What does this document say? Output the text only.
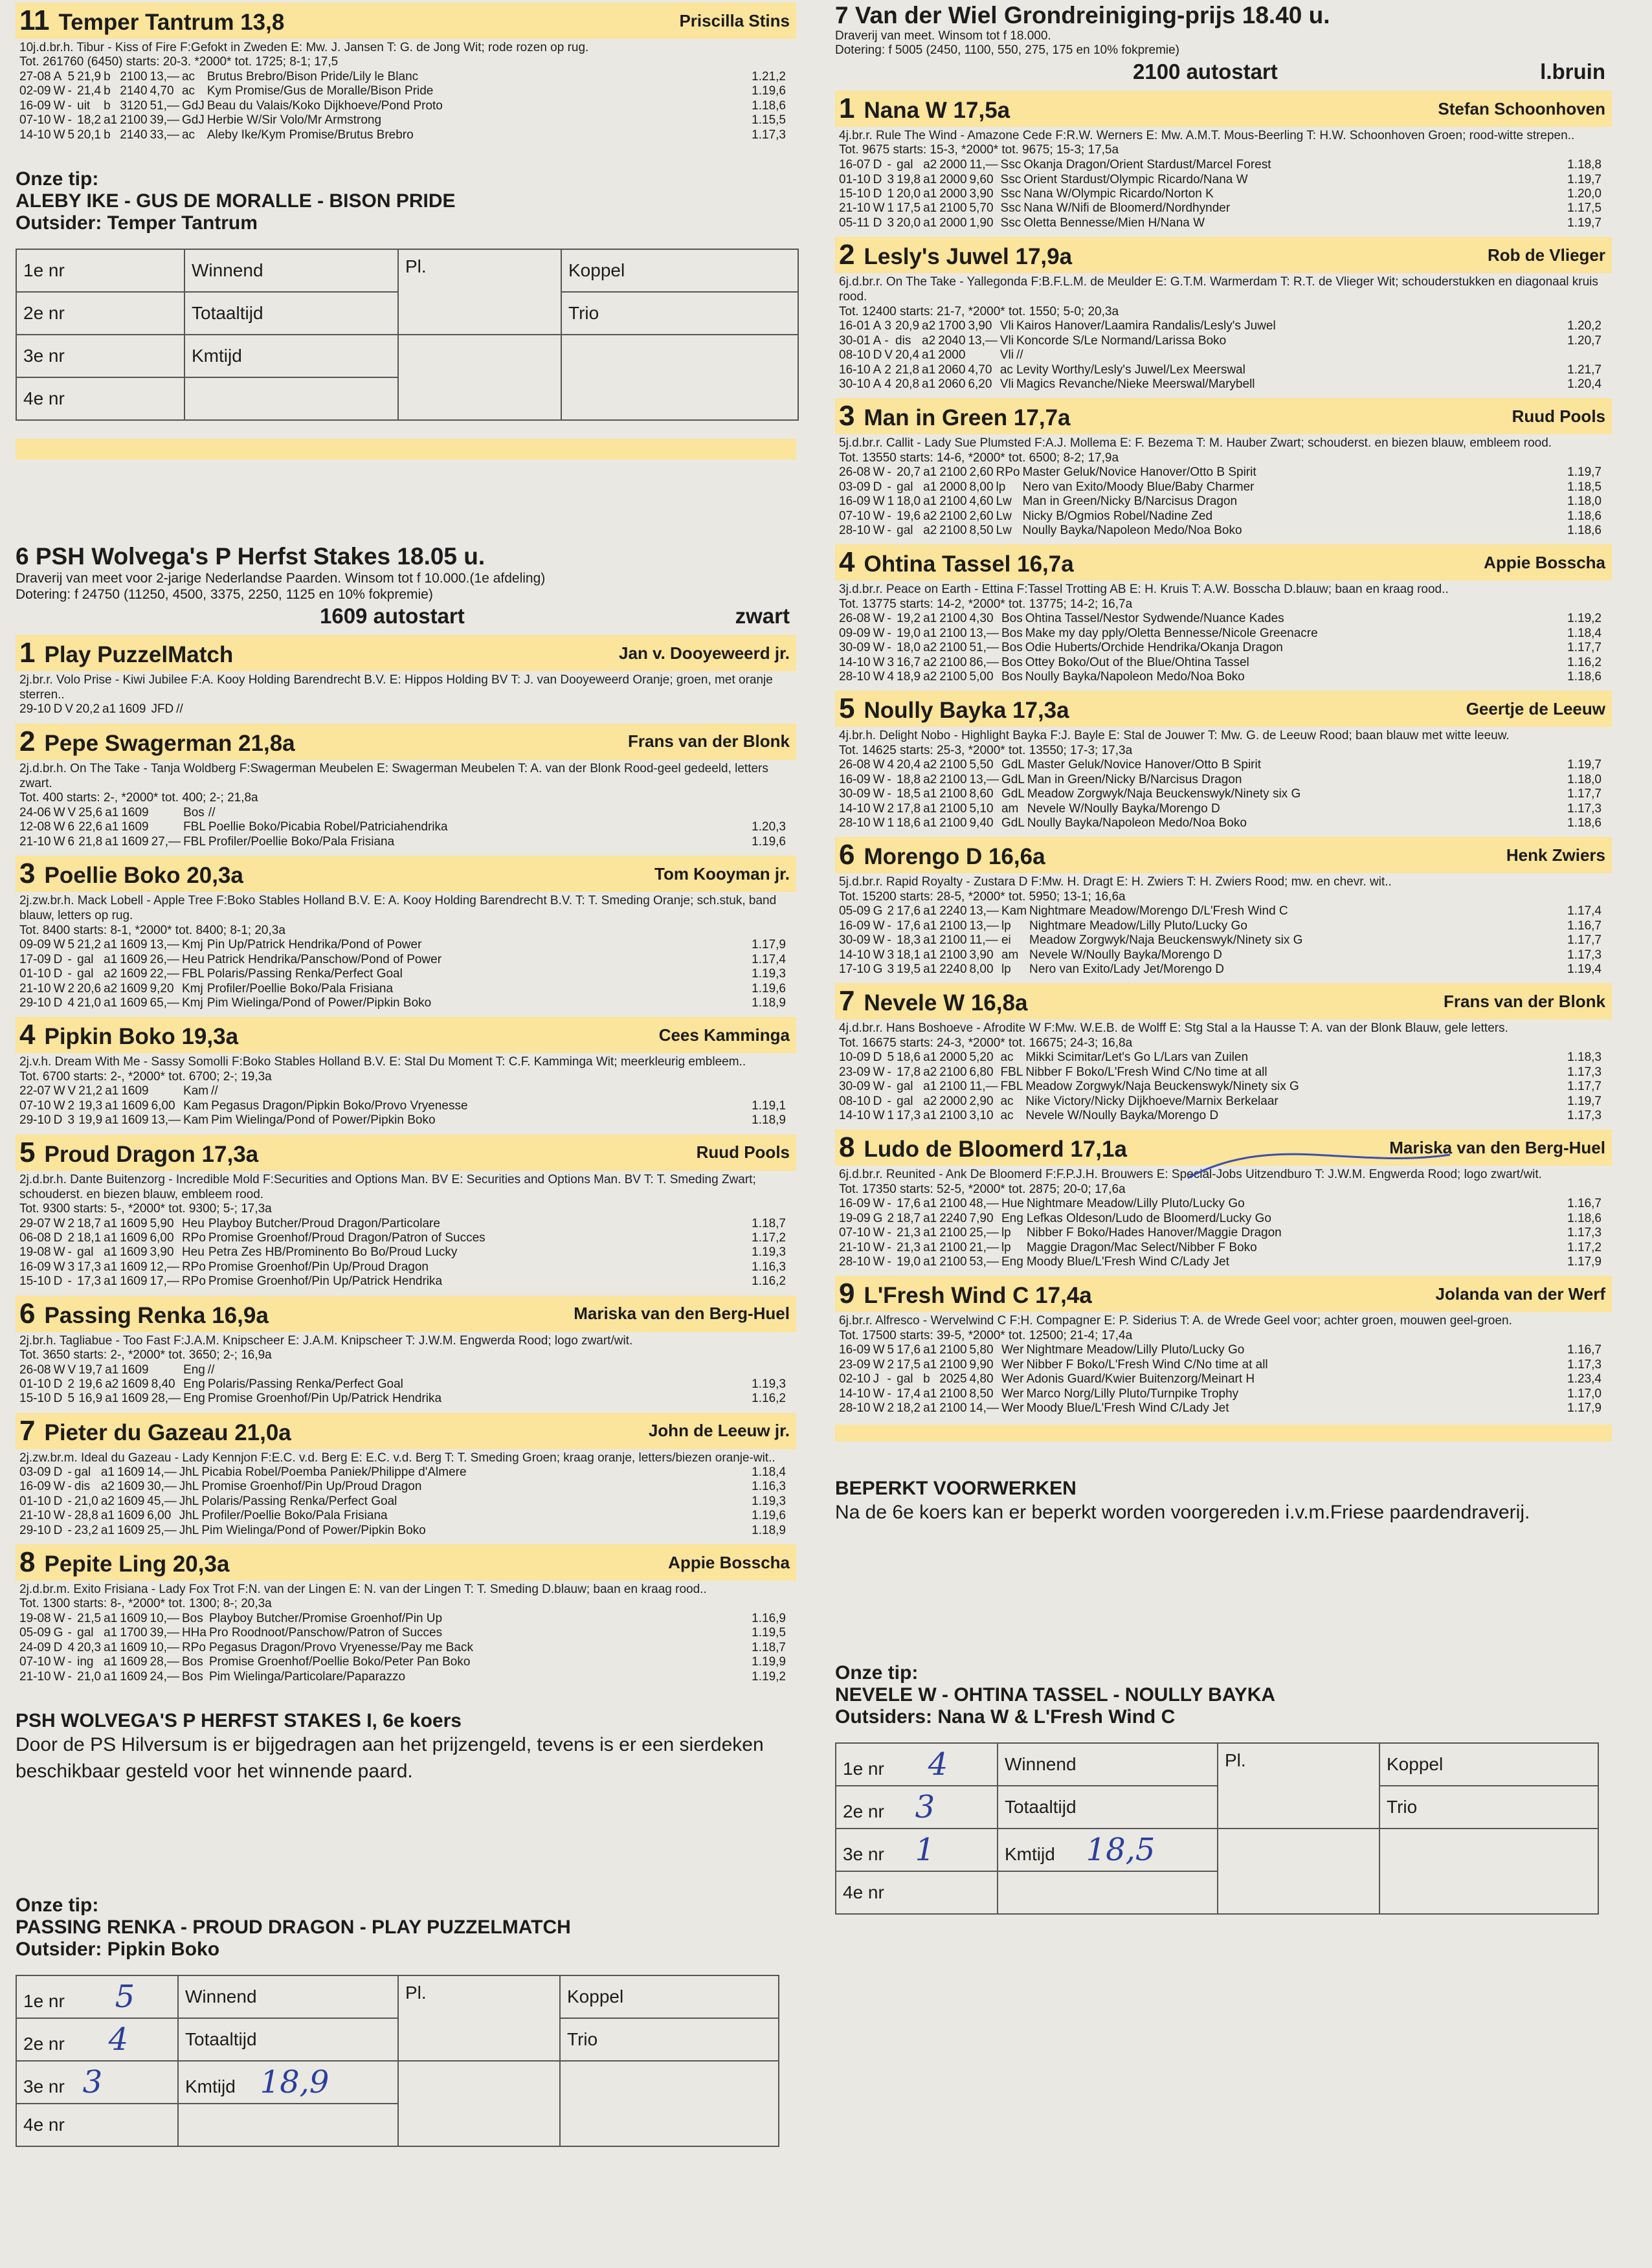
11 Temper Tantrum 13,8	Priscilla Stins
10j.d.br.h. Tibur - Kiss of Fire F:Gefokt in Zweden E: Mw. J. Jansen T: G. de Jong Wit; rode rozen op rug.
Tot. 261760 (6450) starts: 20-3. *2000* tot. 1725; 8-1; 17,5
27-08	A	5	21,9	b	2100	13,—	ac	Brutus Brebro/Bison Pride/Lily le Blanc	1.21,2
02-09	W	-	21,4	b	2140	4,70	ac	Kym Promise/Gus de Moralle/Bison Pride	1.19,6
16-09	W	-	uit	b	3120	51,—	GdJ	Beau du Valais/Koko Dijkhoeve/Pond Proto	1.18,6
07-10	W	-	18,2	a1	2100	39,—	GdJ	Herbie W/Sir Volo/Mr Armstrong	1.15,5
14-10	W	5	20,1	b	2140	33,—	ac	Aleby Ike/Kym Promise/Brutus Brebro	1.17,3
Onze tip:
ALEBY IKE - GUS DE MORALLE - BISON PRIDE
Outsider: Temper Tantrum
1e nr	Winnend	Pl.	Koppel
2e nr	Totaaltijd		Trio
3e nr	Kmtijd		
4e nr			
6 PSH Wolvega's P Herfst Stakes 18.05 u.
Draverij van meet voor 2-jarige Nederlandse Paarden. Winsom tot f 10.000.(1e afdeling)
Dotering: f 24750 (11250, 4500, 3375, 2250, 1125 en 10% fokpremie)
1609 autostart	zwart
1 Play PuzzelMatch	Jan v. Dooyeweerd jr.
2j.br.r. Volo Prise - Kiwi Jubilee F:A. Kooy Holding Barendrecht B.V. E: Hippos Holding BV T: J. van Dooyeweerd Oranje; groen, met oranje sterren..
29-10	D	V	20,2	a1	1609		JFD	//	
2 Pepe Swagerman 21,8a	Frans van der Blonk
2j.d.br.h. On The Take - Tanja Woldberg F:Swagerman Meubelen E: Swagerman Meubelen T: A. van der Blonk Rood-geel gedeeld, letters zwart.
Tot. 400 starts: 2-, *2000* tot. 400; 2-; 21,8a
24-06	W	V	25,6	a1	1609		Bos	//	
12-08	W	6	22,6	a1	1609		FBL	Poellie Boko/Picabia Robel/Patriciahendrika	1.20,3
21-10	W	6	21,8	a1	1609	27,—	FBL	Profiler/Poellie Boko/Pala Frisiana	1.19,6
3 Poellie Boko 20,3a	Tom Kooyman jr.
2j.zw.br.h. Mack Lobell - Apple Tree F:Boko Stables Holland B.V. E: A. Kooy Holding Barendrecht B.V. T: T. Smeding Oranje; sch.stuk, band blauw, letters op rug.
Tot. 8400 starts: 8-1, *2000* tot. 8400; 8-1; 20,3a
09-09	W	5	21,2	a1	1609	13,—	Kmj	Pin Up/Patrick Hendrika/Pond of Power	1.17,9
17-09	D	-	gal	a1	1609	26,—	Heu	Patrick Hendrika/Panschow/Pond of Power	1.17,4
01-10	D	-	gal	a2	1609	22,—	FBL	Polaris/Passing Renka/Perfect Goal	1.19,3
21-10	W	2	20,6	a2	1609	9,20	Kmj	Profiler/Poellie Boko/Pala Frisiana	1.19,6
29-10	D	4	21,0	a1	1609	65,—	Kmj	Pim Wielinga/Pond of Power/Pipkin Boko	1.18,9
4 Pipkin Boko 19,3a	Cees Kamminga
2j.v.h. Dream With Me - Sassy Somolli F:Boko Stables Holland B.V. E: Stal Du Moment T: C.F. Kamminga Wit; meerkleurig embleem..
Tot. 6700 starts: 2-, *2000* tot. 6700; 2-; 19,3a
22-07	W	V	21,2	a1	1609		Kam	//	
07-10	W	2	19,3	a1	1609	6,00	Kam	Pegasus Dragon/Pipkin Boko/Provo Vryenesse	1.19,1
29-10	D	3	19,9	a1	1609	13,—	Kam	Pim Wielinga/Pond of Power/Pipkin Boko	1.18,9
5 Proud Dragon 17,3a	Ruud Pools
2j.d.br.h. Dante Buitenzorg - Incredible Mold F:Securities and Options Man. BV E: Securities and Options Man. BV T: T. Smeding Zwart; schouderst. en biezen blauw, embleem rood.
Tot. 9300 starts: 5-, *2000* tot. 9300; 5-; 17,3a
29-07	W	2	18,7	a1	1609	5,90	Heu	Playboy Butcher/Proud Dragon/Particolare	1.18,7
06-08	D	2	18,1	a1	1609	6,00	RPo	Promise Groenhof/Proud Dragon/Patron of Succes	1.17,2
19-08	W	-	gal	a1	1609	3,90	Heu	Petra Zes HB/Prominento Bo Bo/Proud Lucky	1.19,3
16-09	W	3	17,3	a1	1609	12,—	RPo	Promise Groenhof/Pin Up/Proud Dragon	1.16,3
15-10	D	-	17,3	a1	1609	17,—	RPo	Promise Groenhof/Pin Up/Patrick Hendrika	1.16,2
6 Passing Renka 16,9a	Mariska van den Berg-Huel
2j.br.h. Tagliabue - Too Fast F:J.A.M. Knipscheer E: J.A.M. Knipscheer T: J.W.M. Engwerda Rood; logo zwart/wit.
Tot. 3650 starts: 2-, *2000* tot. 3650; 2-; 16,9a
26-08	W	V	19,7	a1	1609		Eng	//	
01-10	D	2	19,6	a2	1609	8,40	Eng	Polaris/Passing Renka/Perfect Goal	1.19,3
15-10	D	5	16,9	a1	1609	28,—	Eng	Promise Groenhof/Pin Up/Patrick Hendrika	1.16,2
7 Pieter du Gazeau 21,0a	John de Leeuw jr.
2j.zw.br.m. Ideal du Gazeau - Lady Kennjon F:E.C. v.d. Berg E: E.C. v.d. Berg T: T. Smeding Groen; kraag oranje, letters/biezen oranje-wit..
03-09	D	-	gal	a1	1609	14,—	JhL	Picabia Robel/Poemba Paniek/Philippe d'Almere	1.18,4
16-09	W	-	dis	a2	1609	30,—	JhL	Promise Groenhof/Pin Up/Proud Dragon	1.16,3
01-10	D	-	21,0	a2	1609	45,—	JhL	Polaris/Passing Renka/Perfect Goal	1.19,3
21-10	W	-	28,8	a1	1609	6,00	JhL	Profiler/Poellie Boko/Pala Frisiana	1.19,6
29-10	D	-	23,2	a1	1609	25,—	JhL	Pim Wielinga/Pond of Power/Pipkin Boko	1.18,9
8 Pepite Ling 20,3a	Appie Bosscha
2j.d.br.m. Exito Frisiana - Lady Fox Trot F:N. van der Lingen E: N. van der Lingen T: T. Smeding D.blauw; baan en kraag rood..
Tot. 1300 starts: 8-, *2000* tot. 1300; 8-; 20,3a
19-08	W	-	21,5	a1	1609	10,—	Bos	Playboy Butcher/Promise Groenhof/Pin Up	1.16,9
05-09	G	-	gal	a1	1700	39,—	HHa	Pro Roodnoot/Panschow/Patron of Succes	1.19,5
24-09	D	4	20,3	a1	1609	10,—	RPo	Pegasus Dragon/Provo Vryenesse/Pay me Back	1.18,7
07-10	W	-	ing	a1	1609	28,—	Bos	Promise Groenhof/Poellie Boko/Peter Pan Boko	1.19,9
21-10	W	-	21,0	a1	1609	24,—	Bos	Pim Wielinga/Particolare/Paparazzo	1.19,2
PSH WOLVEGA'S P HERFST STAKES I, 6e koers
Door de PS Hilversum is er bijgedragen aan het prijzengeld, tevens is er een sierdeken beschikbaar gesteld voor het winnende paard.
Onze tip:
PASSING RENKA - PROUD DRAGON - PLAY PUZZELMATCH
Outsider: Pipkin Boko
1e nr 5	Winnend	Pl.	Koppel
2e nr 4	Totaaltijd		Trio
3e nr 3	Kmtijd 18,9		
4e nr			
7 Van der Wiel Grondreiniging-prijs 18.40 u.
Draverij van meet. Winsom tot f 18.000.
Dotering: f 5005 (2450, 1100, 550, 275, 175 en 10% fokpremie)
2100 autostart	l.bruin
1 Nana W 17,5a	Stefan Schoonhoven
4j.br.r. Rule The Wind - Amazone Cede F:R.W. Werners E: Mw. A.M.T. Mous-Beerling T: H.W. Schoonhoven Groen; rood-witte strepen..
Tot. 9675 starts: 15-3, *2000* tot. 9675; 15-3; 17,5a
16-07	D	-	gal	a2	2000	11,—	Ssc	Okanja Dragon/Orient Stardust/Marcel Forest	1.18,8
01-10	D	3	19,8	a1	2000	9,60	Ssc	Orient Stardust/Olympic Ricardo/Nana W	1.19,7
15-10	D	1	20,0	a1	2000	3,90	Ssc	Nana W/Olympic Ricardo/Norton K	1.20,0
21-10	W	1	17,5	a1	2100	5,70	Ssc	Nana W/Nifi de Bloomerd/Nordhynder	1.17,5
05-11	D	3	20,0	a1	2000	1,90	Ssc	Oletta Bennesse/Mien H/Nana W	1.19,7
2 Lesly's Juwel 17,9a	Rob de Vlieger
6j.d.br.r. On The Take - Yallegonda F:B.F.L.M. de Meulder E: G.T.M. Warmerdam T: R.T. de Vlieger Wit; schouderstukken en diagonaal kruis rood.
Tot. 12400 starts: 21-7, *2000* tot. 1550; 5-0; 20,3a
16-01	A	3	20,9	a2	1700	3,90	Vli	Kairos Hanover/Laamira Randalis/Lesly's Juwel	1.20,2
30-01	A	-	dis	a2	2040	13,—	Vli	Koncorde S/Le Normand/Larissa Boko	1.20,7
08-10	D	V	20,4	a1	2000		Vli	//	
16-10	A	2	21,8	a1	2060	4,70	ac	Levity Worthy/Lesly's Juwel/Lex Meerswal	1.21,7
30-10	A	4	20,8	a1	2060	6,20	Vli	Magics Revanche/Nieke Meerswal/Marybell	1.20,4
3 Man in Green 17,7a	Ruud Pools
5j.d.br.r. Callit - Lady Sue Plumsted F:A.J. Mollema E: F. Bezema T: M. Hauber Zwart; schouderst. en biezen blauw, embleem rood.
Tot. 13550 starts: 14-6, *2000* tot. 6500; 8-2; 17,9a
26-08	W	-	20,7	a1	2100	2,60	RPo	Master Geluk/Novice Hanover/Otto B Spirit	1.19,7
03-09	D	-	gal	a1	2000	8,00	lp	Nero van Exito/Moody Blue/Baby Charmer	1.18,5
16-09	W	1	18,0	a1	2100	4,60	Lw	Man in Green/Nicky B/Narcisus Dragon	1.18,0
07-10	W	-	19,6	a2	2100	2,60	Lw	Nicky B/Ogmios Robel/Nadine Zed	1.18,6
28-10	W	-	gal	a2	2100	8,50	Lw	Noully Bayka/Napoleon Medo/Noa Boko	1.18,6
4 Ohtina Tassel 16,7a	Appie Bosscha
3j.d.br.r. Peace on Earth - Ettina F:Tassel Trotting AB E: H. Kruis T: A.W. Bosscha D.blauw; baan en kraag rood..
Tot. 13775 starts: 14-2, *2000* tot. 13775; 14-2; 16,7a
26-08	W	-	19,2	a1	2100	4,30	Bos	Ohtina Tassel/Nestor Sydwende/Nuance Kades	1.19,2
09-09	W	-	19,0	a1	2100	13,—	Bos	Make my day pply/Oletta Bennesse/Nicole Greenacre	1.18,4
30-09	W	-	18,0	a2	2100	51,—	Bos	Odie Huberts/Orchide Hendrika/Okanja Dragon	1.17,7
14-10	W	3	16,7	a2	2100	86,—	Bos	Ottey Boko/Out of the Blue/Ohtina Tassel	1.16,2
28-10	W	4	18,9	a2	2100	5,00	Bos	Noully Bayka/Napoleon Medo/Noa Boko	1.18,6
5 Noully Bayka 17,3a	Geertje de Leeuw
4j.br.h. Delight Nobo - Highlight Bayka F:J. Bayle E: Stal de Jouwer T: Mw. G. de Leeuw Rood; baan blauw met witte leeuw.
Tot. 14625 starts: 25-3, *2000* tot. 13550; 17-3; 17,3a
26-08	W	4	20,4	a2	2100	5,50	GdL	Master Geluk/Novice Hanover/Otto B Spirit	1.19,7
16-09	W	-	18,8	a2	2100	13,—	GdL	Man in Green/Nicky B/Narcisus Dragon	1.18,0
30-09	W	-	18,5	a1	2100	8,60	GdL	Meadow Zorgwyk/Naja Beuckenswyk/Ninety six G	1.17,7
14-10	W	2	17,8	a1	2100	5,10	am	Nevele W/Noully Bayka/Morengo D	1.17,3
28-10	W	1	18,6	a1	2100	9,40	GdL	Noully Bayka/Napoleon Medo/Noa Boko	1.18,6
6 Morengo D 16,6a	Henk Zwiers
5j.d.br.r. Rapid Royalty - Zustara D F:Mw. H. Dragt E: H. Zwiers T: H. Zwiers Rood; mw. en chevr. wit..
Tot. 15200 starts: 28-5, *2000* tot. 5950; 13-1; 16,6a
05-09	G	2	17,6	a1	2240	13,—	Kam	Nightmare Meadow/Morengo D/L'Fresh Wind C	1.17,4
16-09	W	-	17,6	a1	2100	13,—	lp	Nightmare Meadow/Lilly Pluto/Lucky Go	1.16,7
30-09	W	-	18,3	a1	2100	11,—	ei	Meadow Zorgwyk/Naja Beuckenswyk/Ninety six G	1.17,7
14-10	W	3	18,1	a1	2100	3,90	am	Nevele W/Noully Bayka/Morengo D	1.17,3
17-10	G	3	19,5	a1	2240	8,00	lp	Nero van Exito/Lady Jet/Morengo D	1.19,4
7 Nevele W 16,8a	Frans van der Blonk
4j.d.br.r. Hans Boshoeve - Afrodite W F:Mw. W.E.B. de Wolff E: Stg Stal a la Hausse T: A. van der Blonk Blauw, gele letters.
Tot. 16675 starts: 24-3, *2000* tot. 16675; 24-3; 16,8a
10-09	D	5	18,6	a1	2000	5,20	ac	Mikki Scimitar/Let's Go L/Lars van Zuilen	1.18,3
23-09	W	-	17,8	a2	2100	6,80	FBL	Nibber F Boko/L'Fresh Wind C/No time at all	1.17,3
30-09	W	-	gal	a1	2100	11,—	FBL	Meadow Zorgwyk/Naja Beuckenswyk/Ninety six G	1.17,7
08-10	D	-	gal	a2	2000	2,90	ac	Nike Victory/Nicky Dijkhoeve/Marnix Berkelaar	1.19,7
14-10	W	1	17,3	a1	2100	3,10	ac	Nevele W/Noully Bayka/Morengo D	1.17,3
8 Ludo de Bloomerd 17,1a	Mariska van den Berg-Huel
6j.d.br.r. Reunited - Ank De Bloomerd F:F.P.J.H. Brouwers E: Special-Jobs Uitzendburo T: J.W.M. Engwerda Rood; logo zwart/wit.
Tot. 17350 starts: 52-5, *2000* tot. 2875; 20-0; 17,6a
16-09	W	-	17,6	a1	2100	48,—	Hue	Nightmare Meadow/Lilly Pluto/Lucky Go	1.16,7
19-09	G	2	18,7	a1	2240	7,90	Eng	Lefkas Oldeson/Ludo de Bloomerd/Lucky Go	1.18,6
07-10	W	-	21,3	a1	2100	25,—	lp	Nibber F Boko/Hades Hanover/Maggie Dragon	1.17,3
21-10	W	-	21,3	a1	2100	21,—	lp	Maggie Dragon/Mac Select/Nibber F Boko	1.17,2
28-10	W	-	19,0	a1	2100	53,—	Eng	Moody Blue/L'Fresh Wind C/Lady Jet	1.17,9
9 L'Fresh Wind C 17,4a	Jolanda van der Werf
6j.br.r. Alfresco - Wervelwind C F:H. Compagner E: P. Siderius T: A. de Wrede Geel voor; achter groen, mouwen geel-groen.
Tot. 17500 starts: 39-5, *2000* tot. 12500; 21-4; 17,4a
16-09	W	5	17,6	a1	2100	5,80	Wer	Nightmare Meadow/Lilly Pluto/Lucky Go	1.16,7
23-09	W	2	17,5	a1	2100	9,90	Wer	Nibber F Boko/L'Fresh Wind C/No time at all	1.17,3
02-10	J	-	gal	b	2025	4,80	Wer	Adonis Guard/Kwier Buitenzorg/Meinart H	1.23,4
14-10	W	-	17,4	a1	2100	8,50	Wer	Marco Norg/Lilly Pluto/Turnpike Trophy	1.17,0
28-10	W	2	18,2	a1	2100	14,—	Wer	Moody Blue/L'Fresh Wind C/Lady Jet	1.17,9
BEPERKT VOORWERKEN
Na de 6e koers kan er beperkt worden voorgereden i.v.m.Friese paardendraverij.
Onze tip:
NEVELE W - OHTINA TASSEL - NOULLY BAYKA
Outsiders: Nana W & L'Fresh Wind C
1e nr 4	Winnend	Pl.	Koppel
2e nr 3	Totaaltijd		Trio
3e nr 1	Kmtijd 18,5		
4e nr			
